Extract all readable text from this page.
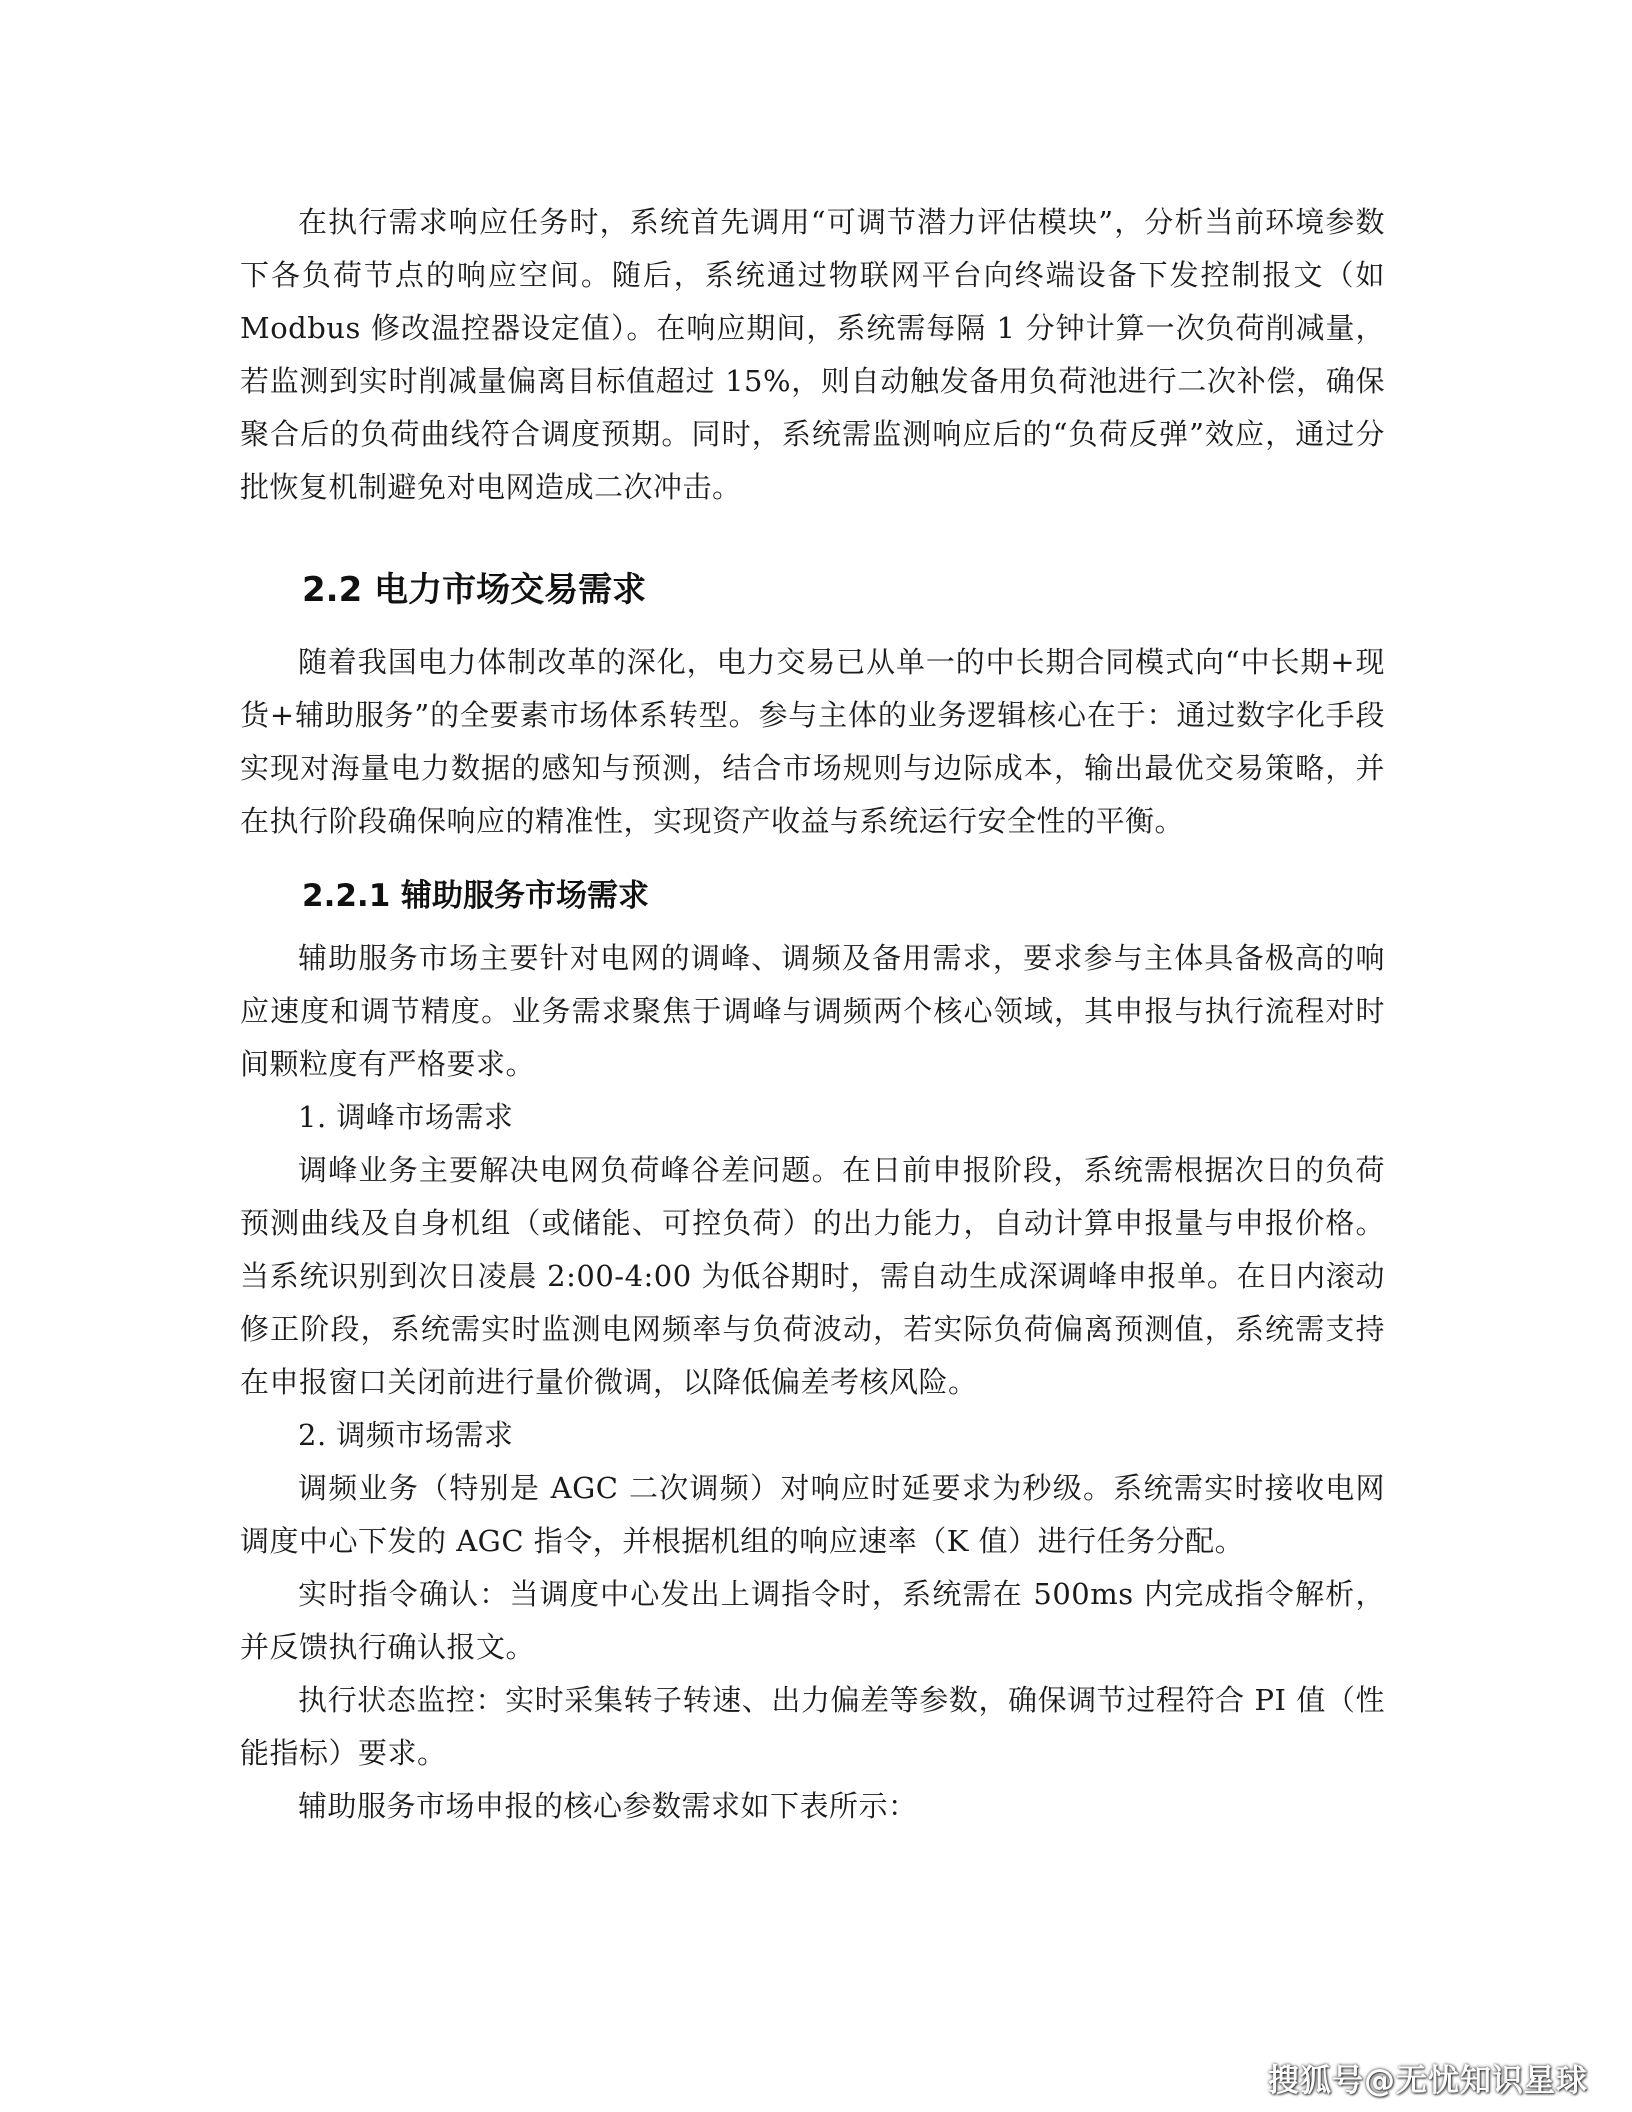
在执行需求响应任务时，系统首先调用“可调节潜力评估模块”，分析当前环境参数下各负荷节点的响应空间。随后，系统通过物联网平台向终端设备下发控制报文（如 Modbus 修改温控器设定值）。在响应期间，系统需每隔 1 分钟计算一次负荷削减量，若监测到实时削减量偏离目标值超过 15%，则自动触发备用负荷池进行二次补偿，确保聚合后的负荷曲线符合调度预期。同时，系统需监测响应后的“负荷反弹”效应，通过分批恢复机制避免对电网造成二次冲击。

2.2 电力市场交易需求

随着我国电力体制改革的深化，电力交易已从单一的中长期合同模式向“中长期+现货+辅助服务”的全要素市场体系转型。参与主体的业务逻辑核心在于：通过数字化手段实现对海量电力数据的感知与预测，结合市场规则与边际成本，输出最优交易策略，并在执行阶段确保响应的精准性，实现资产收益与系统运行安全性的平衡。

2.2.1 辅助服务市场需求

辅助服务市场主要针对电网的调峰、调频及备用需求，要求参与主体具备极高的响应速度和调节精度。业务需求聚焦于调峰与调频两个核心领域，其申报与执行流程对时间颗粒度有严格要求。

1. 调峰市场需求

调峰业务主要解决电网负荷峰谷差问题。在日前申报阶段，系统需根据次日的负荷预测曲线及自身机组（或储能、可控负荷）的出力能力，自动计算申报量与申报价格。当系统识别到次日凌晨 2:00-4:00 为低谷期时，需自动生成深调峰申报单。在日内滚动修正阶段，系统需实时监测电网频率与负荷波动，若实际负荷偏离预测值，系统需支持在申报窗口关闭前进行量价微调，以降低偏差考核风险。

2. 调频市场需求

调频业务（特别是 AGC 二次调频）对响应时延要求为秒级。系统需实时接收电网调度中心下发的 AGC 指令，并根据机组的响应速率（K 值）进行任务分配。

实时指令确认：当调度中心发出上调指令时，系统需在 500ms 内完成指令解析，并反馈执行确认报文。

执行状态监控：实时采集转子转速、出力偏差等参数，确保调节过程符合 PI 值（性能指标）要求。

辅助服务市场申报的核心参数需求如下表所示：

搜狐号@无忧知识星球
